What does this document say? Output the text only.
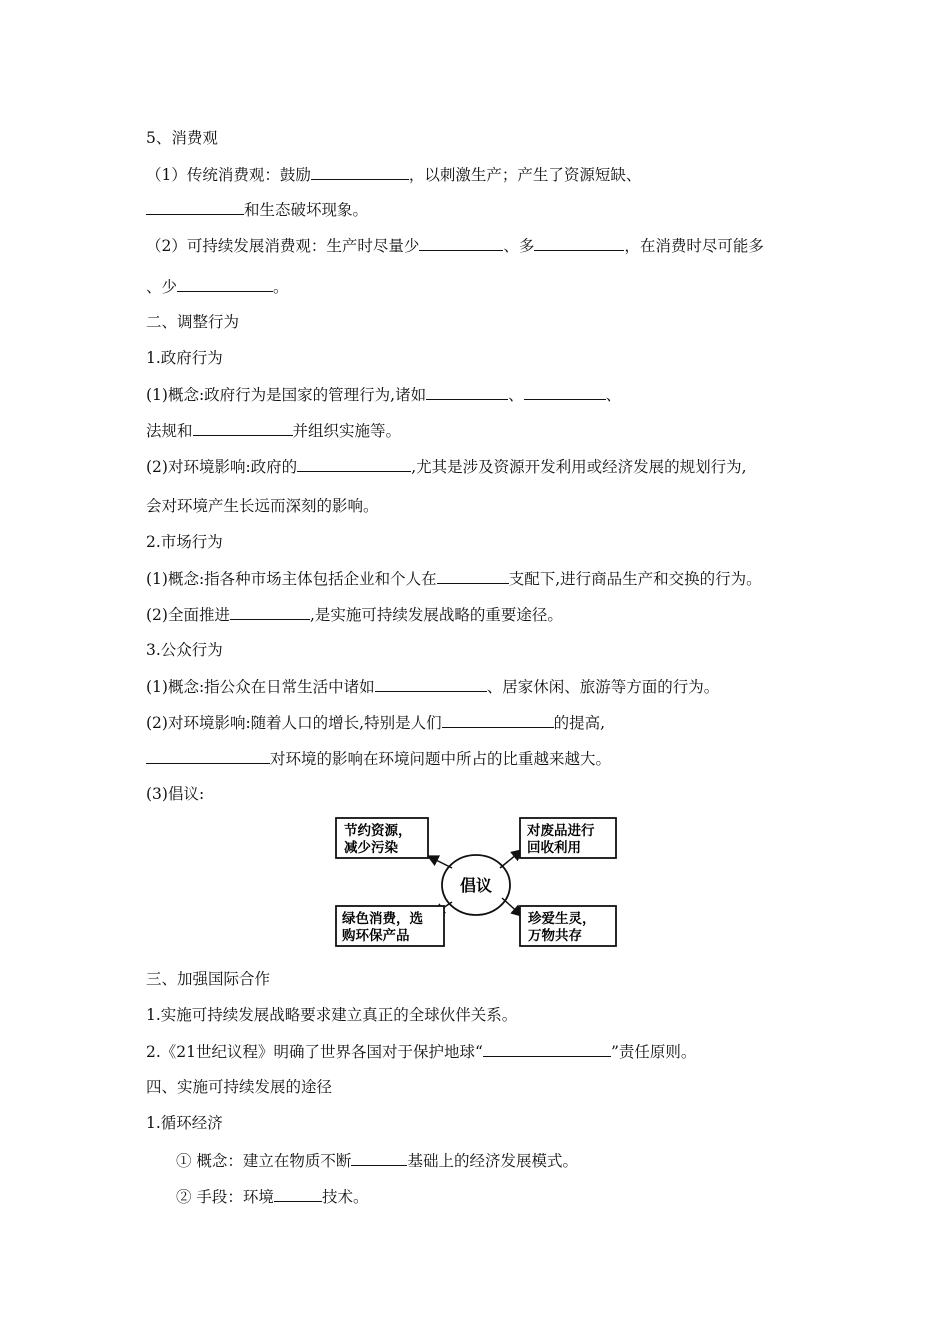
5、消费观
（1）传统消费观：鼓励	，以刺激生产；产生了资源短缺、
和生态破坏现象。
（2）可持续发展消费观：生产时尽量少	、多	，在消费时尽可能多
、少	。
二、调整行为
1.政府行为
(1)概念:政府行为是国家的管理行为,诸如	、	、
法规和	并组织实施等。
(2)对环境影响:政府的	,尤其是涉及资源开发利用或经济发展的规划行为,
会对环境产生长远而深刻的影响。
2.市场行为
(1)概念:指各种市场主体包括企业和个人在	支配下,进行商品生产和交换的行为。
(2)全面推进	,是实施可持续发展战略的重要途径。
3.公众行为
(1)概念:指公众在日常生活中诸如	、居家休闲、旅游等方面的行为。
(2)对环境影响:随着人口的增长,特别是人们	的提高,
对环境的影响在环境问题中所占的比重越来越大。
(3)倡议:
倡议
节约资源，
减少污染
对废品进行
回收利用
绿色消费，选
购环保产品
珍爱生灵，
万物共存
三、加强国际合作
1.实施可持续发展战略要求建立真正的全球伙伴关系。
2.《21世纪议程》明确了世界各国对于保护地球“	”责任原则。
四、实施可持续发展的途径
1.循环经济
① 概念：建立在物质不断	基础上的经济发展模式。
② 手段：环境	技术。
